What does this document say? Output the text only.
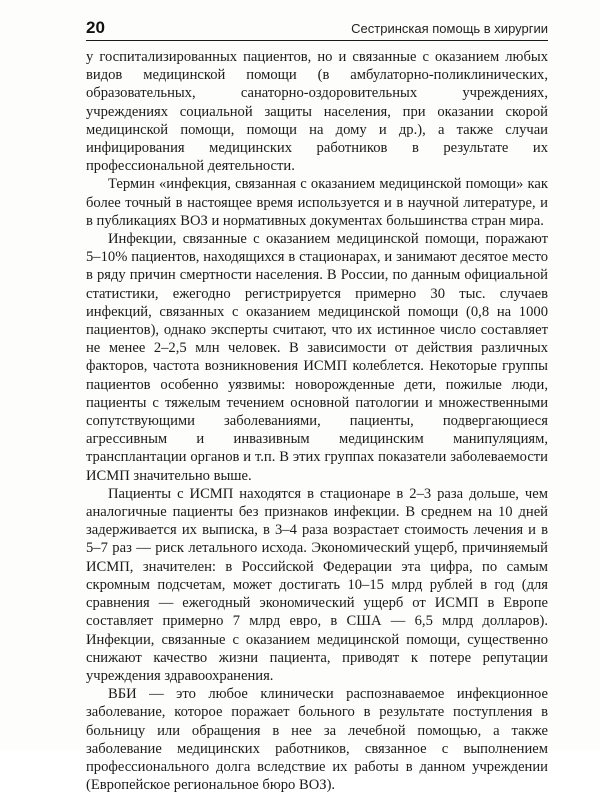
20	Сестринская помощь в хирургии

у госпитализированных пациентов, но и связанные с оказанием любых видов медицинской помощи (в амбулаторно-поликлинических, образовательных, санаторно-оздоровительных учреждениях, учреждениях социальной защиты населения, при оказании скорой медицинской помощи, помощи на дому и др.), а также случаи инфицирования медицинских работников в результате их профессиональной деятельности.

Термин «инфекция, связанная с оказанием медицинской помощи» как более точный в настоящее время используется и в научной литературе, и в публикациях ВОЗ и нормативных документах большинства стран мира.

Инфекции, связанные с оказанием медицинской помощи, поражают 5–10% пациентов, находящихся в стационарах, и занимают десятое место в ряду причин смертности населения. В России, по данным официальной статистики, ежегодно регистрируется примерно 30 тыс. случаев инфекций, связанных с оказанием медицинской помощи (0,8 на 1000 пациентов), однако эксперты считают, что их истинное число составляет не менее 2–2,5 млн человек. В зависимости от действия различных факторов, частота возникновения ИСМП колеблется. Некоторые группы пациентов особенно уязвимы: новорожденные дети, пожилые люди, пациенты с тяжелым течением основной патологии и множественными сопутствующими заболеваниями, пациенты, подвергающиеся агрессивным и инвазивным медицинским манипуляциям, трансплантации органов и т.п. В этих группах показатели заболеваемости ИСМП значительно выше.

Пациенты с ИСМП находятся в стационаре в 2–3 раза дольше, чем аналогичные пациенты без признаков инфекции. В среднем на 10 дней задерживается их выписка, в 3–4 раза возрастает стоимость лечения и в 5–7 раз — риск летального исхода. Экономический ущерб, причиняемый ИСМП, значителен: в Российской Федерации эта цифра, по самым скромным подсчетам, может достигать 10–15 млрд рублей в год (для сравнения — ежегодный экономический ущерб от ИСМП в Европе составляет примерно 7 млрд евро, в США — 6,5 млрд долларов). Инфекции, связанные с оказанием медицинской помощи, существенно снижают качество жизни пациента, приводят к потере репутации учреждения здравоохранения.

ВБИ — это любое клинически распознаваемое инфекционное заболевание, которое поражает больного в результате поступления в больницу или обращения в нее за лечебной помощью, а также заболевание медицинских работников, связанное с выполнением профессионального долга вследствие их работы в данном учреждении (Европейское региональное бюро ВОЗ).
